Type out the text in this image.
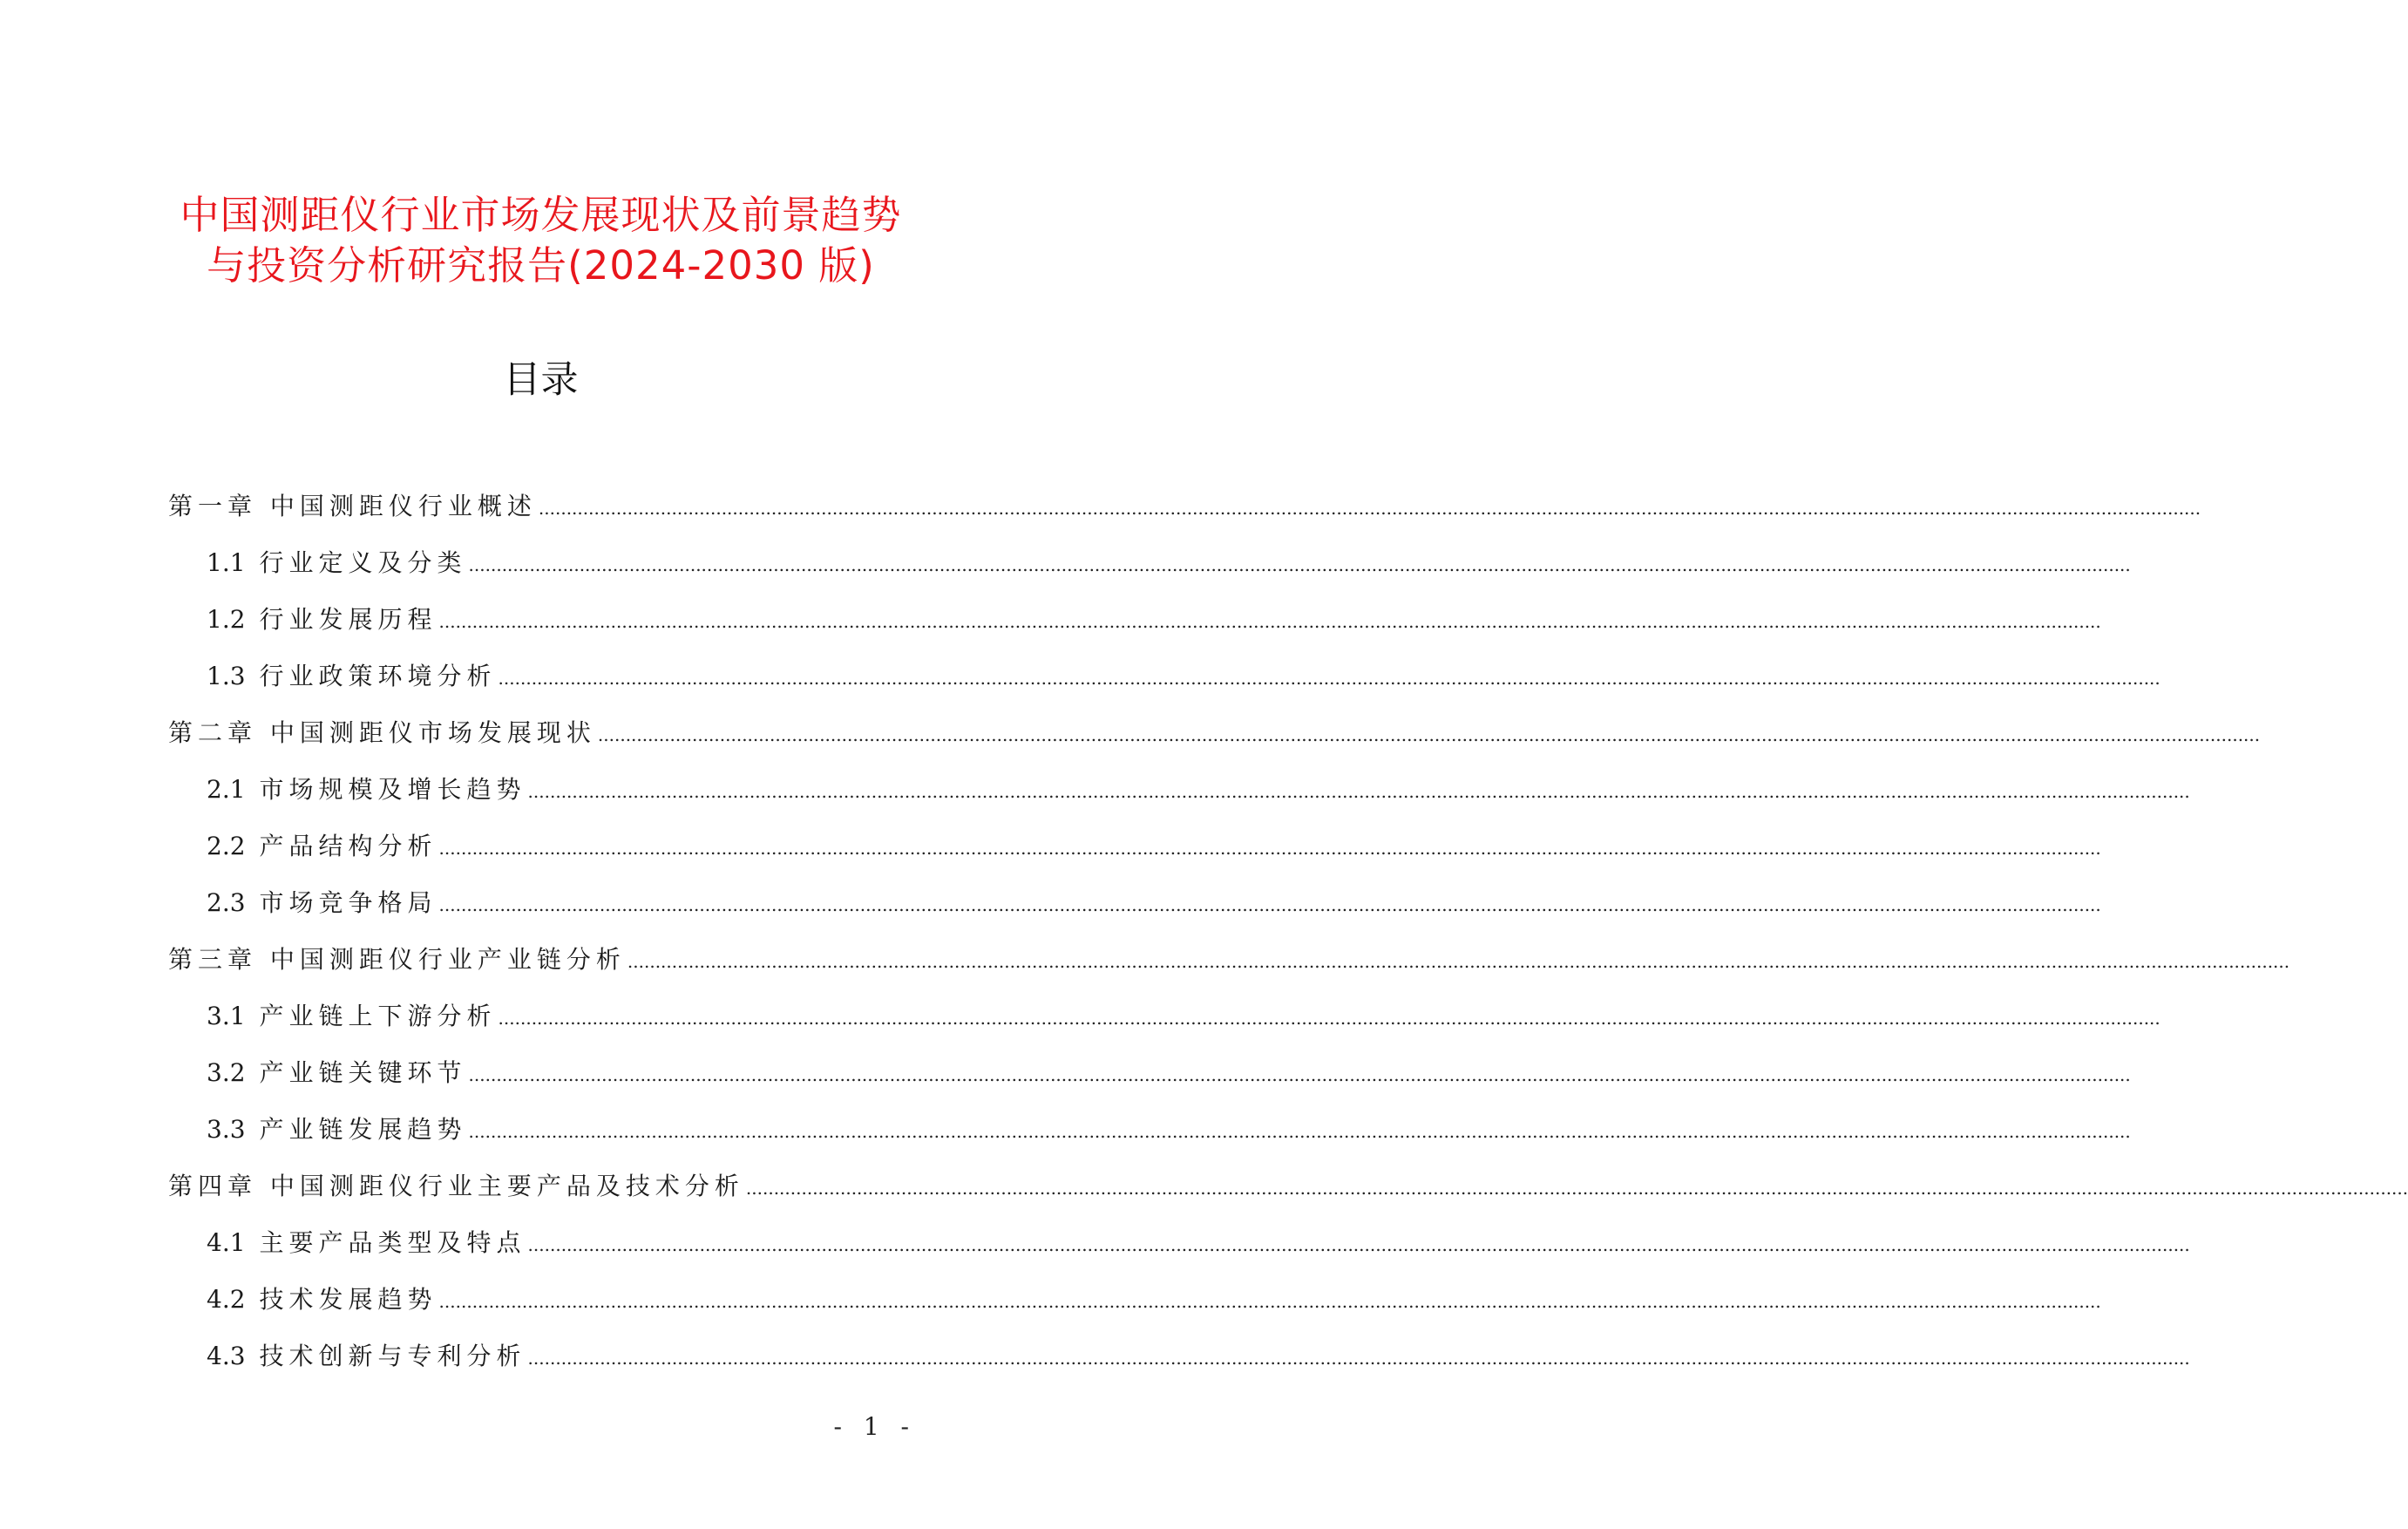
中国测距仪行业市场发展现状及前景趋势
与投资分析研究报告(2024-2030 版)
目录
第一章 中国测距仪行业概述 ............................................................................................................................................................................................................................................................................................................
1.1 行业定义及分类 ............................................................................................................................................................................................................................................................................................................
1.2 行业发展历程 ............................................................................................................................................................................................................................................................................................................
1.3 行业政策环境分析 ............................................................................................................................................................................................................................................................................................................
第二章 中国测距仪市场发展现状 ............................................................................................................................................................................................................................................................................................................
2.1 市场规模及增长趋势 ............................................................................................................................................................................................................................................................................................................
2.2 产品结构分析 ............................................................................................................................................................................................................................................................................................................
2.3 市场竞争格局 ............................................................................................................................................................................................................................................................................................................
第三章 中国测距仪行业产业链分析 ............................................................................................................................................................................................................................................................................................................
3.1 产业链上下游分析 ............................................................................................................................................................................................................................................................................................................
3.2 产业链关键环节 ............................................................................................................................................................................................................................................................................................................
3.3 产业链发展趋势 ............................................................................................................................................................................................................................................................................................................
第四章 中国测距仪行业主要产品及技术分析 ............................................................................................................................................................................................................................................................................................................
4.1 主要产品类型及特点 ............................................................................................................................................................................................................................................................................................................
4.2 技术发展趋势 ............................................................................................................................................................................................................................................................................................................
4.3 技术创新与专利分析 ............................................................................................................................................................................................................................................................................................................
- 1 -
